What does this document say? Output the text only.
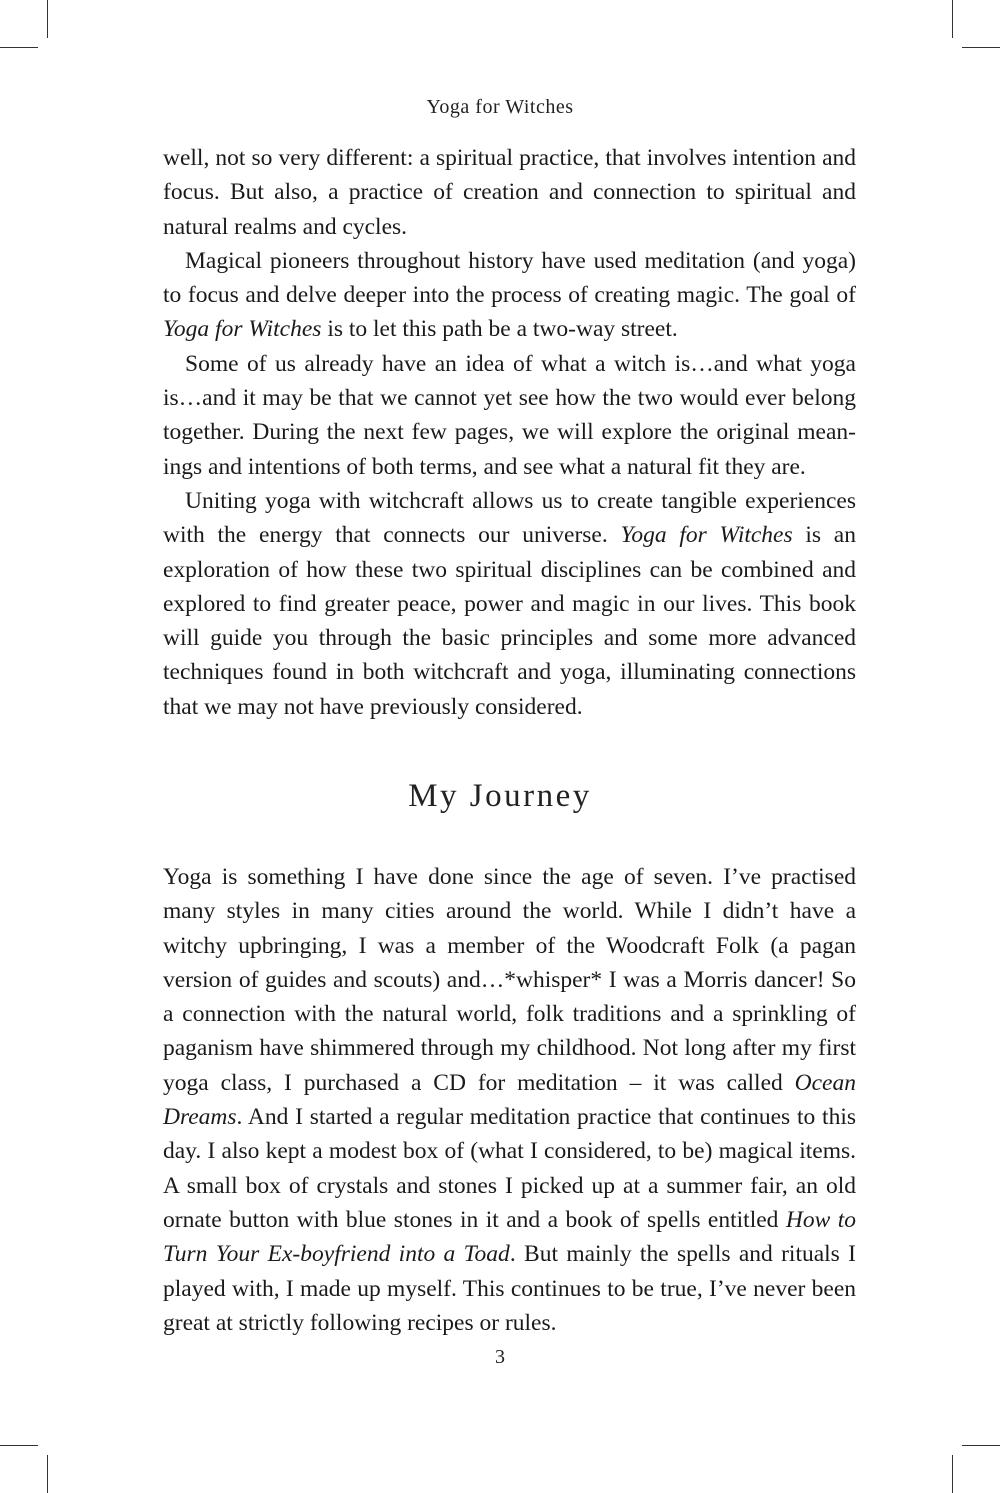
Yoga for Witches

well, not so very different: a spiritual practice, that involves intention and focus. But also, a practice of creation and connection to spiritual and natural realms and cycles.

Magical pioneers throughout history have used meditation (and yoga) to focus and delve deeper into the process of creating magic. The goal of Yoga for Witches is to let this path be a two-way street.

Some of us already have an idea of what a witch is…and what yoga is…and it may be that we cannot yet see how the two would ever belong together. During the next few pages, we will explore the original meanings and intentions of both terms, and see what a natural fit they are.

Uniting yoga with witchcraft allows us to create tangible experiences with the energy that connects our universe. Yoga for Witches is an exploration of how these two spiritual disciplines can be combined and explored to find greater peace, power and magic in our lives. This book will guide you through the basic principles and some more advanced techniques found in both witchcraft and yoga, illuminating connections that we may not have previously considered.

My Journey

Yoga is something I have done since the age of seven. I’ve practised many styles in many cities around the world. While I didn’t have a witchy upbringing, I was a member of the Woodcraft Folk (a pagan version of guides and scouts) and…*whisper* I was a Morris dancer! So a connection with the natural world, folk traditions and a sprinkling of paganism have shimmered through my childhood. Not long after my first yoga class, I purchased a CD for meditation – it was called Ocean Dreams. And I started a regular meditation practice that continues to this day. I also kept a modest box of (what I considered, to be) magical items. A small box of crystals and stones I picked up at a summer fair, an old ornate button with blue stones in it and a book of spells entitled How to Turn Your Ex-boyfriend into a Toad. But mainly the spells and rituals I played with, I made up myself. This continues to be true, I’ve never been great at strictly following recipes or rules.

3
